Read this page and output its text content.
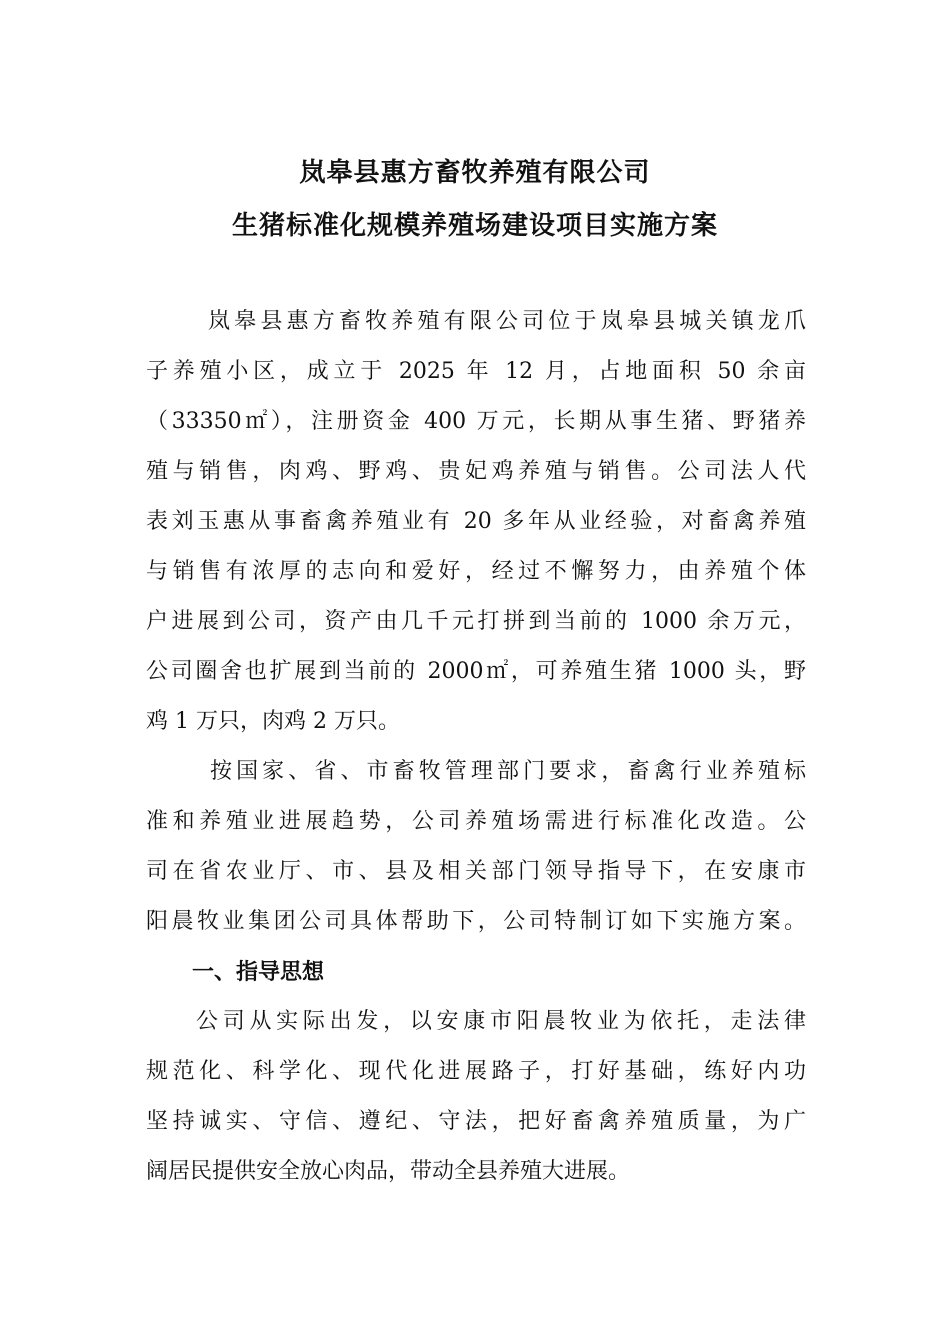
岚皋县惠方畜牧养殖有限公司
生猪标准化规模养殖场建设项目实施方案
岚皋县惠方畜牧养殖有限公司位于岚皋县城关镇龙爪
子养殖小区，成立于 2025 年 12 月，占地面积 50 余亩
（33350㎡），注册资金 400 万元，长期从事生猪、野猪养
殖与销售，肉鸡、野鸡、贵妃鸡养殖与销售。公司法人代
表刘玉惠从事畜禽养殖业有 20 多年从业经验，对畜禽养殖
与销售有浓厚的志向和爱好，经过不懈努力，由养殖个体
户进展到公司，资产由几千元打拼到当前的 1000 余万元，
公司圈舍也扩展到当前的 2000㎡，可养殖生猪 1000 头，野
鸡 1 万只，肉鸡 2 万只。
按国家、省、市畜牧管理部门要求，畜禽行业养殖标
准和养殖业进展趋势，公司养殖场需进行标准化改造。公
司在省农业厅、市、县及相关部门领导指导下，在安康市
阳晨牧业集团公司具体帮助下，公司特制订如下实施方案。
一、指导思想
公司从实际出发，以安康市阳晨牧业为依托，走法律
规范化、科学化、现代化进展路子，打好基础，练好内功
坚持诚实、守信、遵纪、守法，把好畜禽养殖质量，为广
阔居民提供安全放心肉品，带动全县养殖大进展。
